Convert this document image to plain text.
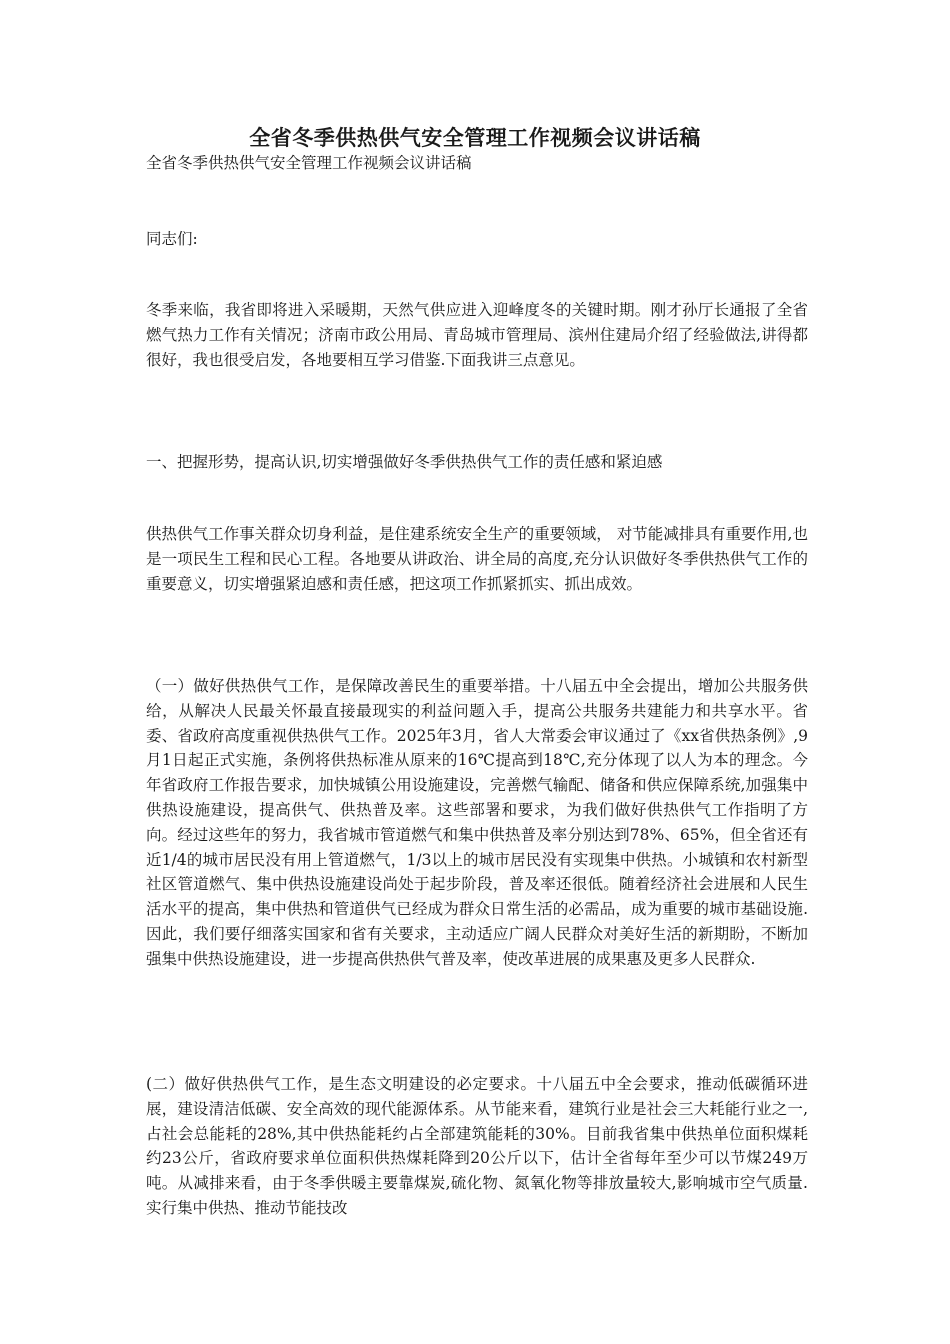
全省冬季供热供气安全管理工作视频会议讲话稿

全省冬季供热供气安全管理工作视频会议讲话稿

同志们:

冬季来临，我省即将进入采暖期，天然气供应进入迎峰度冬的关键时期。刚才孙厅长通报了全省燃气热力工作有关情况；济南市政公用局、青岛城市管理局、滨州住建局介绍了经验做法,讲得都很好，我也很受启发，各地要相互学习借鉴.下面我讲三点意见。

一、把握形势，提高认识,切实增强做好冬季供热供气工作的责任感和紧迫感

供热供气工作事关群众切身利益，是住建系统安全生产的重要领域， 对节能减排具有重要作用,也是一项民生工程和民心工程。各地要从讲政治、讲全局的高度,充分认识做好冬季供热供气工作的重要意义，切实增强紧迫感和责任感，把这项工作抓紧抓实、抓出成效。

（一）做好供热供气工作，是保障改善民生的重要举措。十八届五中全会提出，增加公共服务供给，从解决人民最关怀最直接最现实的利益问题入手，提高公共服务共建能力和共享水平。省委、省政府高度重视供热供气工作。2025年3月，省人大常委会审议通过了《xx省供热条例》,9月1日起正式实施，条例将供热标准从原来的16℃提高到18℃,充分体现了以人为本的理念。今年省政府工作报告要求，加快城镇公用设施建设，完善燃气输配、储备和供应保障系统,加强集中供热设施建设，提高供气、供热普及率。这些部署和要求，为我们做好供热供气工作指明了方向。经过这些年的努力，我省城市管道燃气和集中供热普及率分别达到78%、65%，但全省还有近1/4的城市居民没有用上管道燃气，1/3以上的城市居民没有实现集中供热。小城镇和农村新型社区管道燃气、集中供热设施建设尚处于起步阶段，普及率还很低。随着经济社会进展和人民生活水平的提高，集中供热和管道供气已经成为群众日常生活的必需品，成为重要的城市基础设施.因此，我们要仔细落实国家和省有关要求，主动适应广阔人民群众对美好生活的新期盼，不断加强集中供热设施建设，进一步提高供热供气普及率，使改革进展的成果惠及更多人民群众.

(二）做好供热供气工作，是生态文明建设的必定要求。十八届五中全会要求，推动低碳循环进展，建设清洁低碳、安全高效的现代能源体系。从节能来看，建筑行业是社会三大耗能行业之一,占社会总能耗的28%,其中供热能耗约占全部建筑能耗的30%。目前我省集中供热单位面积煤耗约23公斤，省政府要求单位面积供热煤耗降到20公斤以下，估计全省每年至少可以节煤249万吨。从减排来看，由于冬季供暖主要靠煤炭,硫化物、氮氧化物等排放量较大,影响城市空气质量.实行集中供热、推动节能技改
